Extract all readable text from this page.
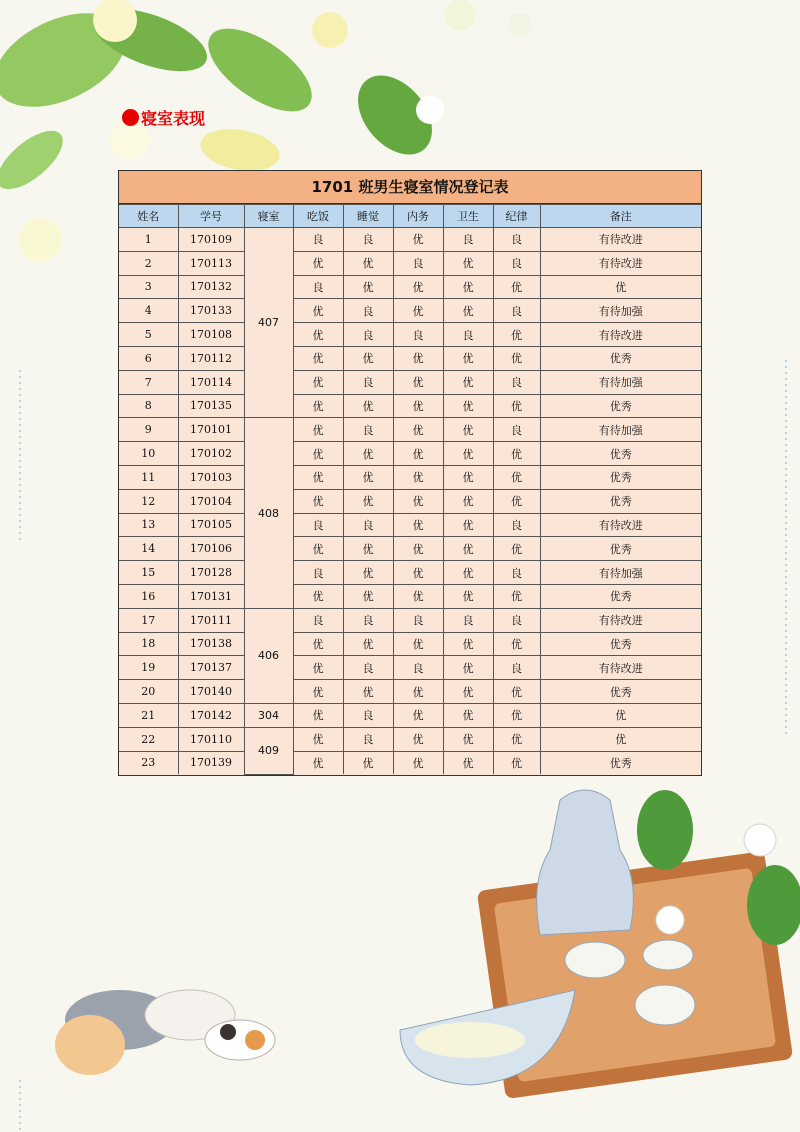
寝室表现
1701 班男生寝室情况登记表
姓名	学号	寝室	吃饭	睡觉	内务	卫生	纪律	备注
1	170109	407	良	良	优	良	良	有待改进
2	170113		优	优	良	优	良	有待改进
3	170132		良	优	优	优	优	优
4	170133		优	良	优	优	良	有待加强
5	170108		优	良	良	良	优	有待改进
6	170112		优	优	优	优	优	优秀
7	170114		优	良	优	优	良	有待加强
8	170135		优	优	优	优	优	优秀
9	170101	408	优	良	优	优	良	有待加强
10	170102		优	优	优	优	优	优秀
11	170103		优	优	优	优	优	优秀
12	170104		优	优	优	优	优	优秀
13	170105		良	良	优	优	良	有待改进
14	170106		优	优	优	优	优	优秀
15	170128		良	优	优	优	良	有待加强
16	170131		优	优	优	优	优	优秀
17	170111	406	良	良	良	良	良	有待改进
18	170138		优	优	优	优	优	优秀
19	170137		优	良	良	优	良	有待改进
20	170140		优	优	优	优	优	优秀
21	170142	304	优	良	优	优	优	优
22	170110	409	优	良	优	优	优	优
23	170139		优	优	优	优	优	优秀
